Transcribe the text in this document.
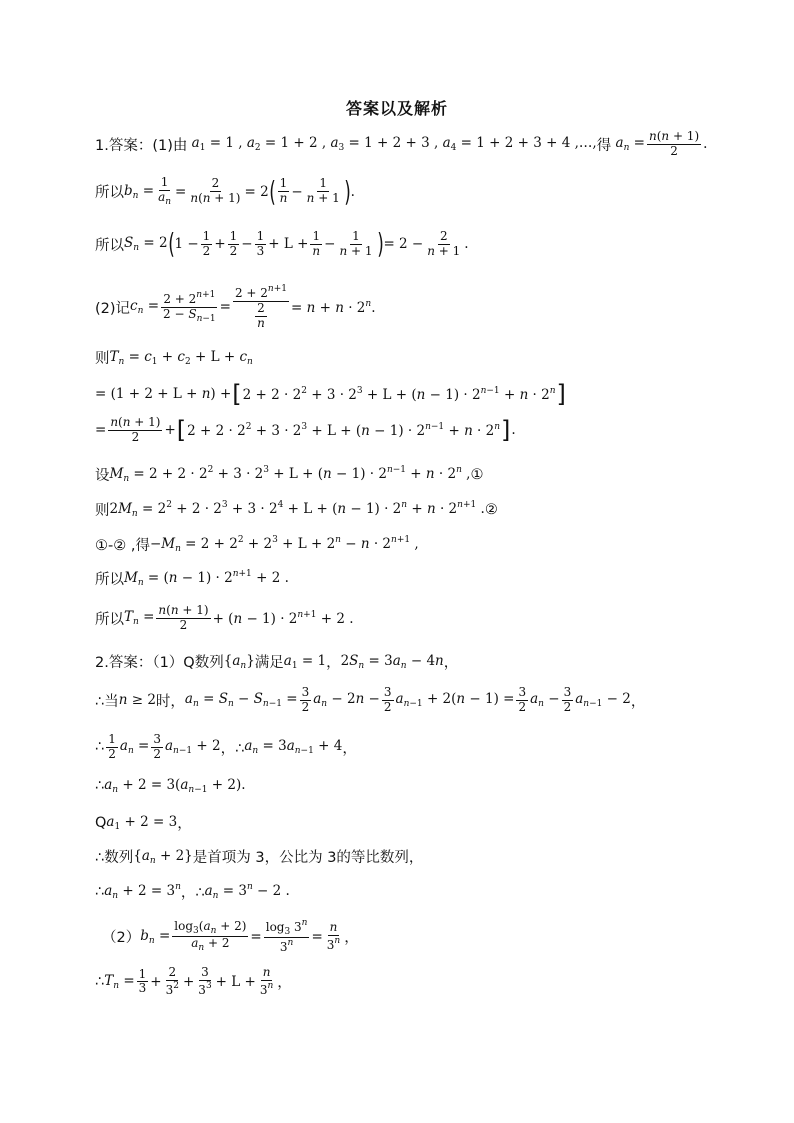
答案以及解析
1.答案：(1)由 $a_1 = 1$ , $a_2 = 1 + 2$ , $a_3 = 1 + 2 + 3$ , $a_4 = 1 + 2 + 3 + 4$ ,…, 得 $a_n = \frac{n(n + 1)}{2}$ .
所以 $b_n = \frac{1}{a_n} = \frac{2}{n(n + 1)} = 2$ ( $\frac{1}{n} - \frac{1}{n + 1}$ ) .
所以 $S_n = 2$ ( $1 - \frac{1}{2} + \frac{1}{2} - \frac{1}{3} + L + \frac{1}{n} - \frac{1}{n + 1}$ ) = $2 - \frac{2}{n + 1}$ .
(2)记 $c_n = \frac{2 + 2^{n+1}}{2 - S_{n-1}} = \frac{2 + 2^{n+1}}{\frac{2}{n}} = n + n \cdot 2^n$.
则 $T_n = c_1 + c_2 + L + c_n$
= (1 + 2 + L + n) + [ $2 + 2 \cdot 2^2 + 3 \cdot 2^3 + L + (n - 1) \cdot 2^{n-1} + n \cdot 2^n$ ]
= $\frac{n(n + 1)}{2}$ + [ $2 + 2 \cdot 2^2 + 3 \cdot 2^3 + L + (n - 1) \cdot 2^{n-1} + n \cdot 2^n$ ] .
设 $M_n = 2 + 2 \cdot 2^2 + 3 \cdot 2^3 + L + (n - 1) \cdot 2^{n-1} + n \cdot 2^n$ , ①
则 $2M_n = 2^2 + 2 \cdot 2^3 + 3 \cdot 2^4 + L + (n - 1) \cdot 2^n + n \cdot 2^{n+1}$ . ②
①-② ,得 $-M_n = 2 + 2^2 + 2^3 + L + 2^n - n \cdot 2^{n+1}$ ,
所以 $M_n = (n - 1) \cdot 2^{n+1} + 2$ .
所以 $T_n = \frac{n(n + 1)}{2} + (n - 1) \cdot 2^{n+1} + 2$ .
2.答案：（1）Q数列 $\{a_n\}$ 满足 $a_1 = 1$ ， $2S_n = 3a_n - 4n$ ，
∴当 n ≥ 2 时， $a_n = S_n - S_{n-1} = \frac{3}{2} a_n - 2n - \frac{3}{2} a_{n-1} + 2(n - 1) = \frac{3}{2} a_n - \frac{3}{2} a_{n-1} - 2$ ，
∴ $\frac{1}{2} a_n = \frac{3}{2} a_{n-1} + 2$ ，∴ $a_n = 3a_{n-1} + 4$ ，
∴ $a_n + 2 = 3(a_{n-1} + 2)$.
Q $a_1 + 2 = 3$ ，
∴数列 $\{a_n + 2\}$ 是首项为 3，公比为 3的等比数列，
∴ $a_n + 2 = 3^n$ ，∴ $a_n = 3^n - 2$ .
（2） $b_n = \frac{\log_3(a_n + 2)}{a_n + 2} = \frac{\log_3 3^n}{3^n} = \frac{n}{3^n}$ ，
∴ $T_n = \frac{1}{3} + \frac{2}{3^2} + \frac{3}{3^3} + L + \frac{n}{3^n}$ ，
